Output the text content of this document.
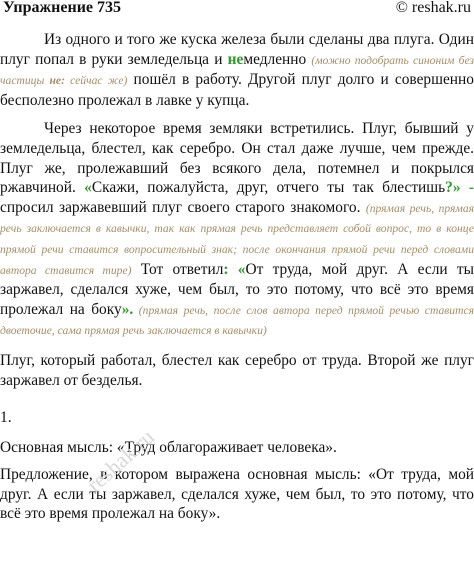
Упражнение 735	© reshak.ru

Из одного и того же куска железа были сделаны два плуга. Один плуг попал в руки земледельца и немедленно (можно подобрать синоним без частицы не: сейчас же) пошёл в работу. Другой плуг долго и совершенно бесполезно пролежал в лавке у купца.

Через некоторое время земляки встретились. Плуг, бывший у земледельца, блестел, как серебро. Он стал даже лучше, чем прежде. Плуг же, пролежавший без всякого дела, потемнел и покрылся ржавчиной. «Скажи, пожалуйста, друг, отчего ты так блестишь?» - спросил заржавевший плуг своего старого знакомого. (прямая речь, прямая речь заключается в кавычки, так как прямая речь представляет собой вопрос, то в конце прямой речи ставится вопросительный знак; после окончания прямой речи перед словами автора ставится тире) Тот ответил: «От труда, мой друг. А если ты заржавел, сделался хуже, чем был, то это потому, что всё это время пролежал на боку». (прямая речь, после слов автора перед прямой речью ставится двоеточие, сама прямая речь заключается в кавычки)

Плуг, который работал, блестел как серебро от труда. Второй же плуг заржавел от безделья.

1.

Основная мысль: «Труд облагораживает человека».

Предложение, в котором выражена основная мысль: «От труда, мой друг. А если ты заржавел, сделался хуже, чем был, то это потому, что всё это время пролежал на боку».

reshak.ru
